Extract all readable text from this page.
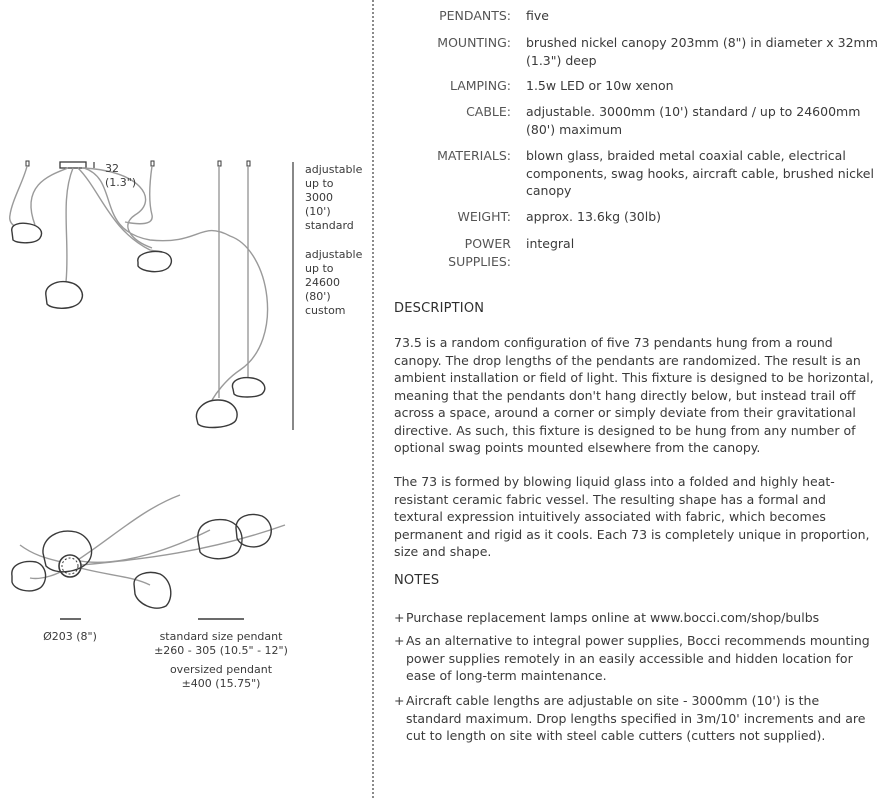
32
(1.3")
adjustable
up to
3000
(10')
standard
adjustable
up to
24600
(80')
custom
Ø203 (8")	standard size pendant
±260 - 305 (10.5" - 12")
oversized pendant
±400 (15.75")
PENDANTS: five
MOUNTING: brushed nickel canopy 203mm (8") in diameter x 32mm (1.3") deep
LAMPING: 1.5w LED or 10w xenon
CABLE: adjustable. 3000mm (10') standard / up to 24600mm (80') maximum
MATERIALS: blown glass, braided metal coaxial cable, electrical components, swag hooks, aircraft cable, brushed nickel canopy
WEIGHT: approx. 13.6kg (30lb)
POWER SUPPLIES:
integral
DESCRIPTION

73.5 is a random configuration of five 73 pendants hung from a round canopy. The drop lengths of the pendants are randomized. The result is an ambient installation or field of light. This fixture is designed to be horizontal, meaning that the pendants don't hang directly below, but instead trail off across a space, around a corner or simply deviate from their gravitational directive. As such, this fixture is designed to be hung from any number of optional swag points mounted elsewhere from the canopy.

The 73 is formed by blowing liquid glass into a folded and highly heat-resistant ceramic fabric vessel. The resulting shape has a formal and textural expression intuitively associated with fabric, which becomes permanent and rigid as it cools. Each 73 is completely unique in proportion, size and shape.

NOTES
+ Purchase replacement lamps online at www.bocci.com/shop/bulbs
+ As an alternative to integral power supplies, Bocci recommends mounting power supplies remotely in an easily accessible and hidden location for ease of long-term maintenance.
+ Aircraft cable lengths are adjustable on site - 3000mm (10') is the standard maximum. Drop lengths specified in 3m/10' increments and are cut to length on site with steel cable cutters (cutters not supplied).
